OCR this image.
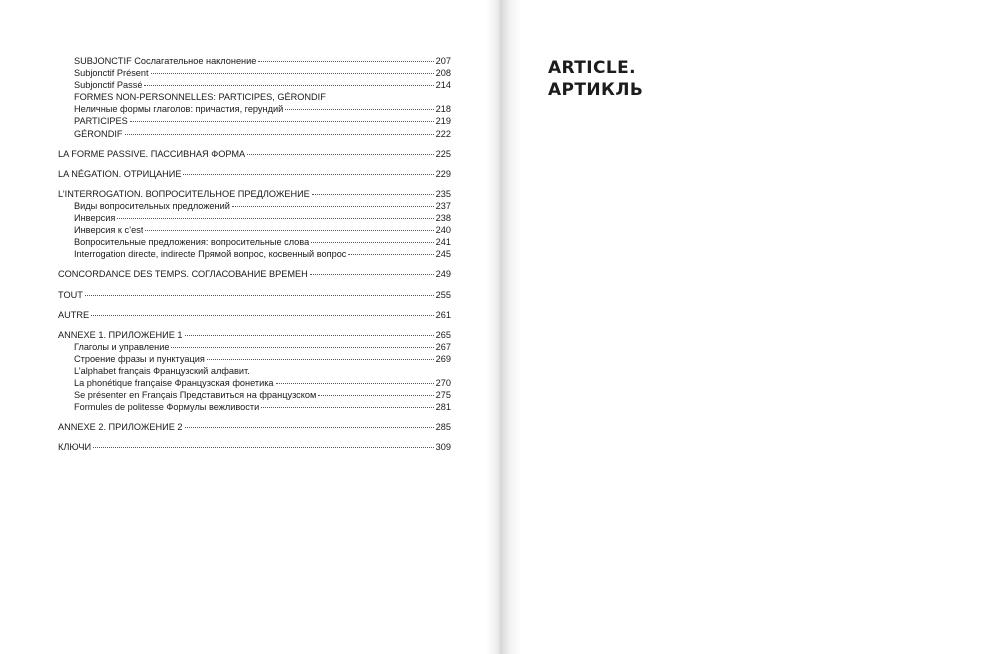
SUBJONCTIF Сослагательное наклонение	207
Subjonctif Présent	208
Subjonctif Passé	214
FORMES NON-PERSONNELLES: PARTICIPES, GÉRONDIF
Неличные формы глаголов: причастия, герундий	218
PARTICIPES	219
GÉRONDIF	222
LA FORME PASSIVE. ПАССИВНАЯ ФОРМА	225
LA NÉGATION. ОТРИЦАНИЕ	229
L’INTERROGATION. ВОПРОСИТЕЛЬНОЕ ПРЕДЛОЖЕНИЕ	235
Виды вопросительных предложений	237
Инверсия	238
Инверсия к c’est	240
Вопросительные предложения: вопросительные слова	241
Interrogation directe, indirecte Прямой вопрос, косвенный вопрос	245
CONCORDANCE DES TEMPS. СОГЛАСОВАНИЕ ВРЕМЕН	249
TOUT	255
AUTRE	261
ANNEXE 1. ПРИЛОЖЕНИЕ 1	265
Глаголы и управление	267
Строение фразы и пунктуация	269
L’alphabet français Французский алфавит.
La phonétique française Французская фонетика	270
Se présenter en Français Представиться на французском	275
Formules de politesse Формулы вежливости	281
ANNEXE 2. ПРИЛОЖЕНИЕ 2	285
КЛЮЧИ	309
ARTICLE.
АРТИКЛЬ
